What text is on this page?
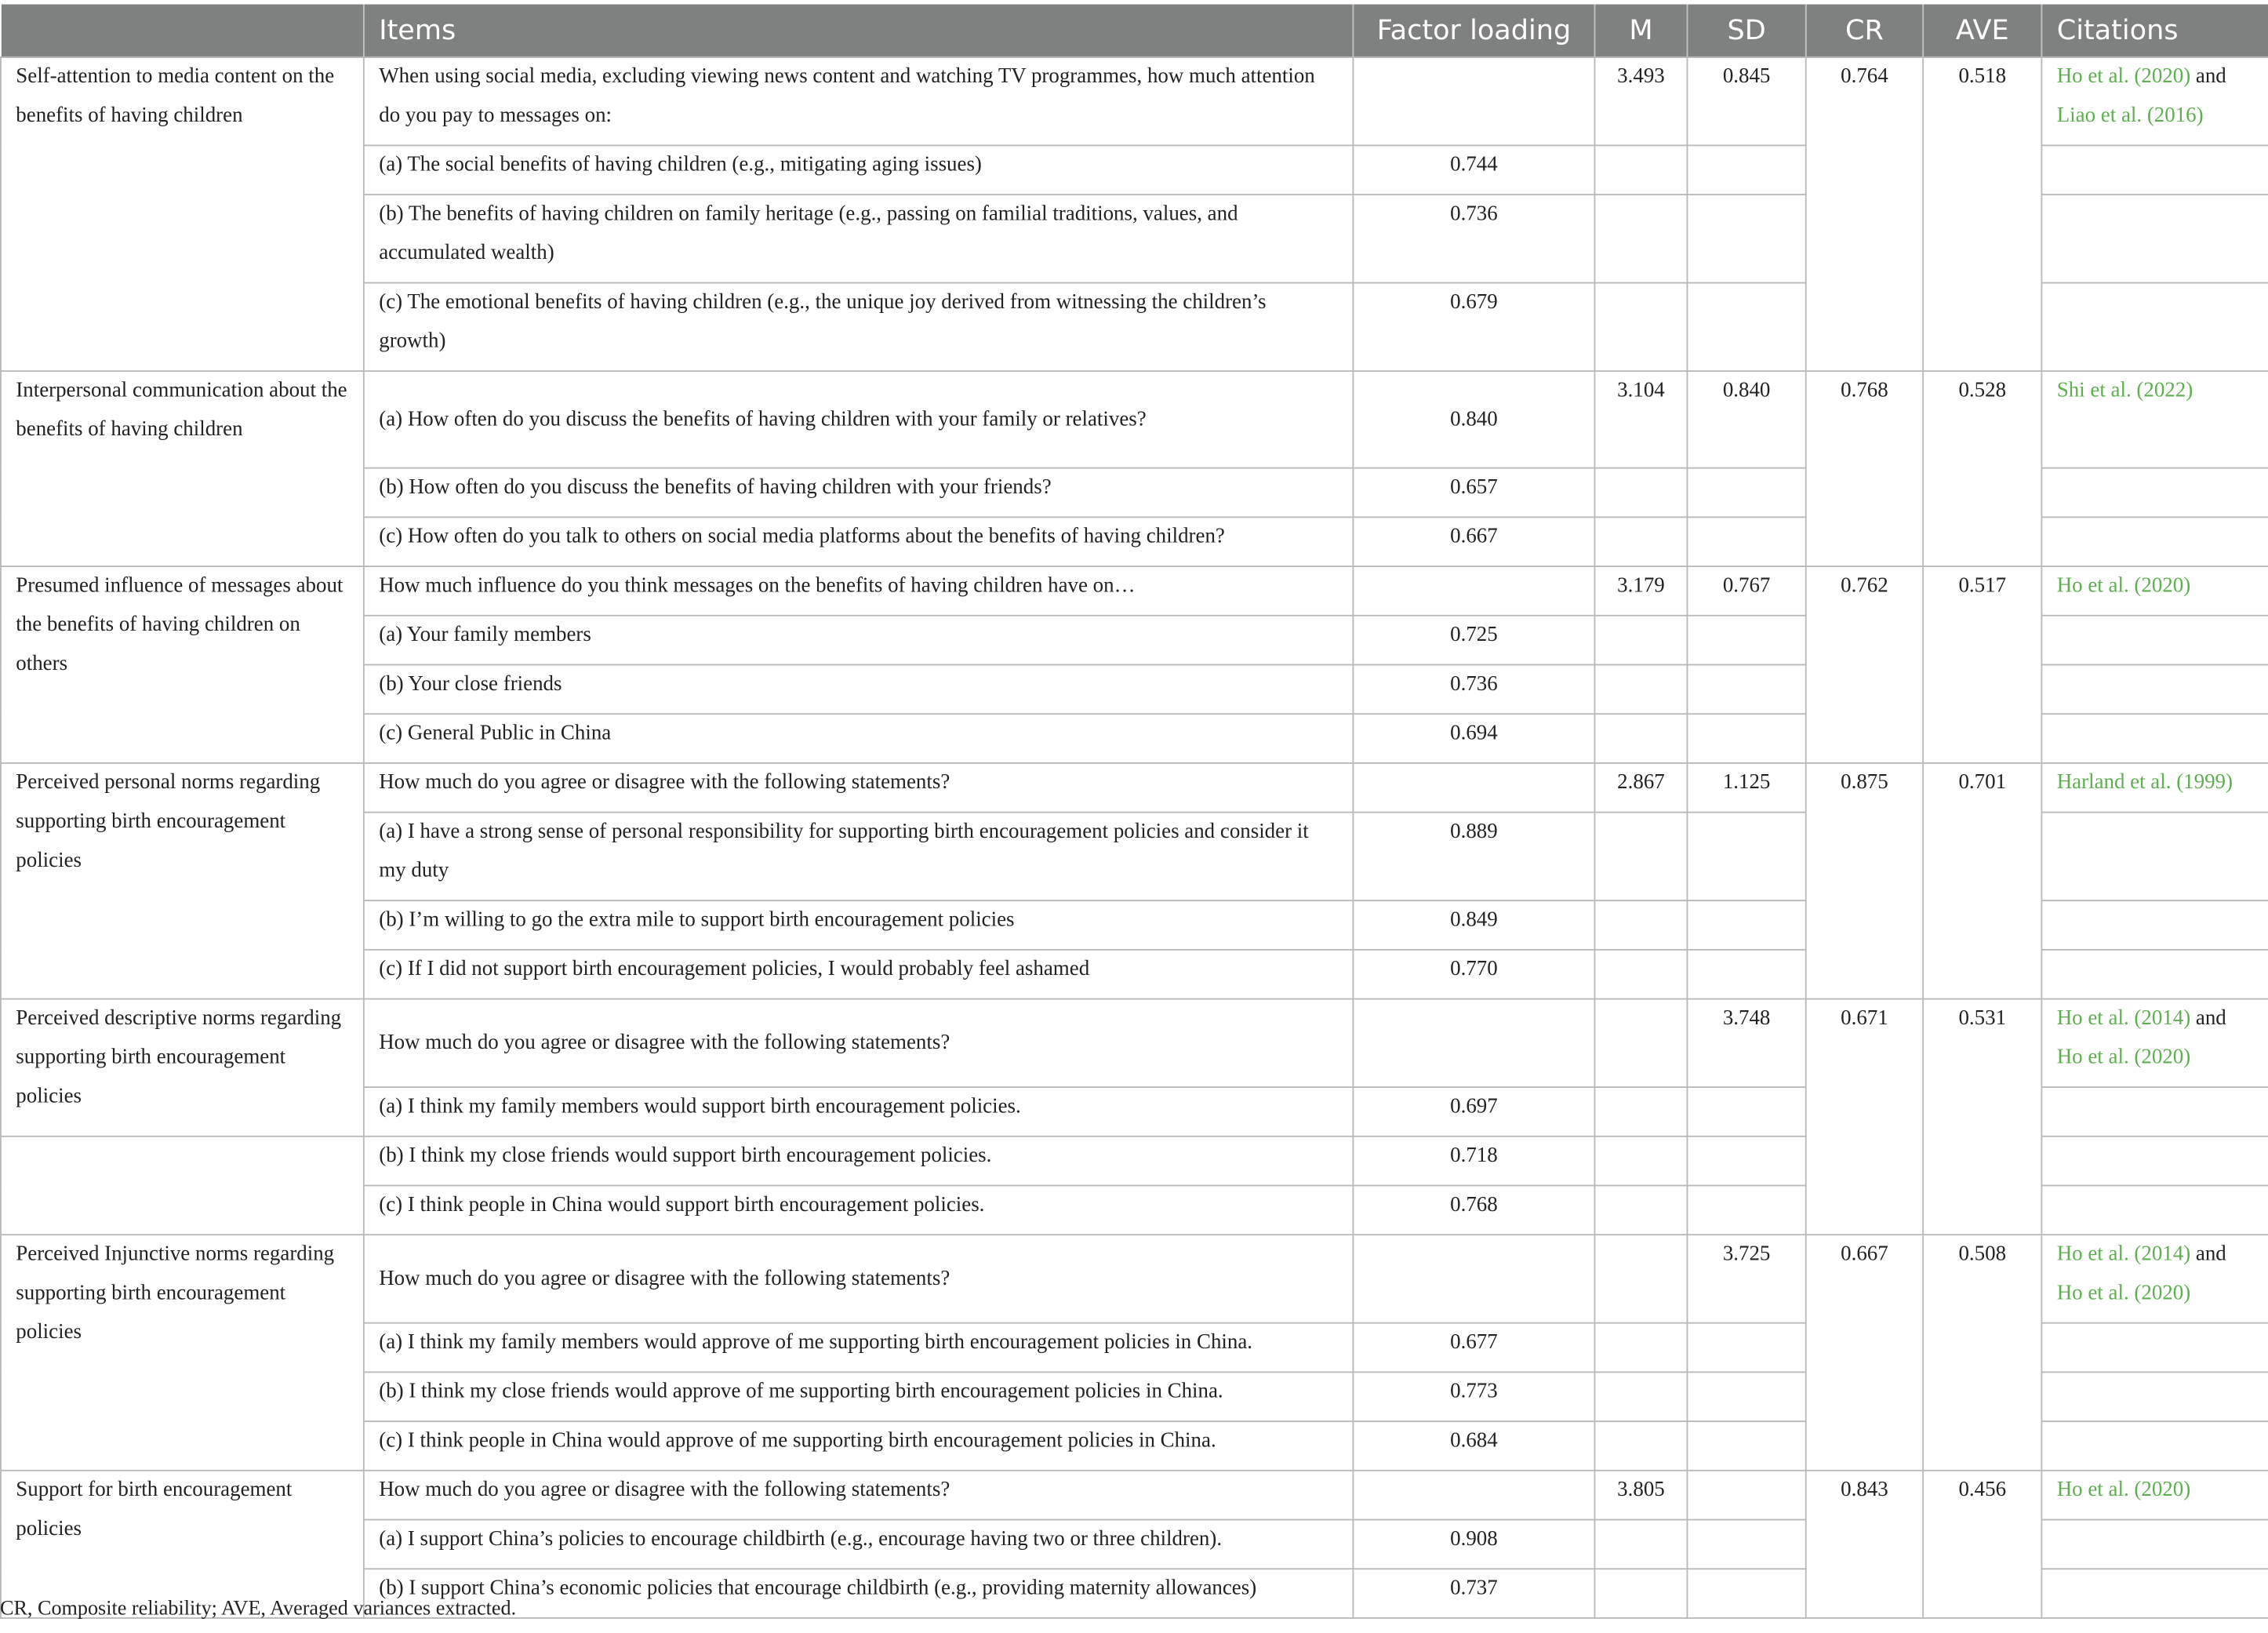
	Items	Factor loading	M	SD	CR	AVE	Citations
Self-attention to media content on the benefits of having children	When using social media, excluding viewing news content and watching TV programmes, how much attention do you pay to messages on:		3.493	0.845	0.764	0.518	Ho et al. (2020) and Liao et al. (2016)
	(a) The social benefits of having children (e.g., mitigating aging issues)	0.744					
	(b) The benefits of having children on family heritage (e.g., passing on familial traditions, values, and accumulated wealth)	0.736					
	(c) The emotional benefits of having children (e.g., the unique joy derived from witnessing the children’s growth)	0.679					
Interpersonal communication about the benefits of having children	(a) How often do you discuss the benefits of having children with your family or relatives?	0.840	3.104	0.840	0.768	0.528	Shi et al. (2022)
	(b) How often do you discuss the benefits of having children with your friends?	0.657					
	(c) How often do you talk to others on social media platforms about the benefits of having children?	0.667					
Presumed influence of messages about the benefits of having children on others	How much influence do you think messages on the benefits of having children have on…		3.179	0.767	0.762	0.517	Ho et al. (2020)
	(a) Your family members	0.725					
	(b) Your close friends	0.736					
	(c) General Public in China	0.694					
Perceived personal norms regarding supporting birth encouragement policies	How much do you agree or disagree with the following statements?		2.867	1.125	0.875	0.701	Harland et al. (1999)
	(a) I have a strong sense of personal responsibility for supporting birth encouragement policies and consider it my duty	0.889					
	(b) I’m willing to go the extra mile to support birth encouragement policies	0.849					
	(c) If I did not support birth encouragement policies, I would probably feel ashamed	0.770					
Perceived descriptive norms regarding supporting birth encouragement policies	How much do you agree or disagree with the following statements?			3.748	0.671	0.531	Ho et al. (2014) and Ho et al. (2020)
	(a) I think my family members would support birth encouragement policies.	0.697					
	(b) I think my close friends would support birth encouragement policies.	0.718					
	(c) I think people in China would support birth encouragement policies.	0.768					
Perceived Injunctive norms regarding supporting birth encouragement policies	How much do you agree or disagree with the following statements?			3.725	0.667	0.508	Ho et al. (2014) and Ho et al. (2020)
	(a) I think my family members would approve of me supporting birth encouragement policies in China.	0.677					
	(b) I think my close friends would approve of me supporting birth encouragement policies in China.	0.773					
	(c) I think people in China would approve of me supporting birth encouragement policies in China.	0.684					
Support for birth encouragement policies	How much do you agree or disagree with the following statements?		3.805		0.843	0.456	Ho et al. (2020)
	(a) I support China’s policies to encourage childbirth (e.g., encourage having two or three children).	0.908					
	(b) I support China’s economic policies that encourage childbirth (e.g., providing maternity allowances)	0.737					
CR, Composite reliability; AVE, Averaged variances extracted.
